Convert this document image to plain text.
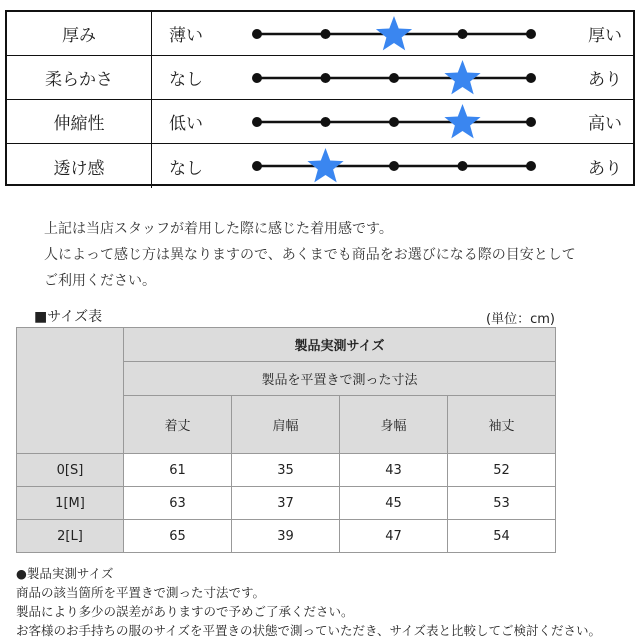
厚み	薄い	厚い
柔らかさ	なし	あり
伸縮性	低い	高い
透け感	なし	あり
上記は当店スタッフが着用した際に感じた着用感です。
人によって感じ方は異なりますので、あくまでも商品をお選びになる際の目安として
ご利用ください。
■サイズ表	(単位：cm)
	製品実測サイズ			
	製品を平置きで測った寸法			
	着丈	肩幅	身幅	袖丈
0[S]	61	35	43	52
1[M]	63	37	45	53
2[L]	65	39	47	54
●製品実測サイズ
商品の該当箇所を平置きで測った寸法です。
製品により多少の誤差がありますので予めご了承ください。
お客様のお手持ちの服のサイズを平置きの状態で測っていただき、サイズ表と比較してご検討ください。
